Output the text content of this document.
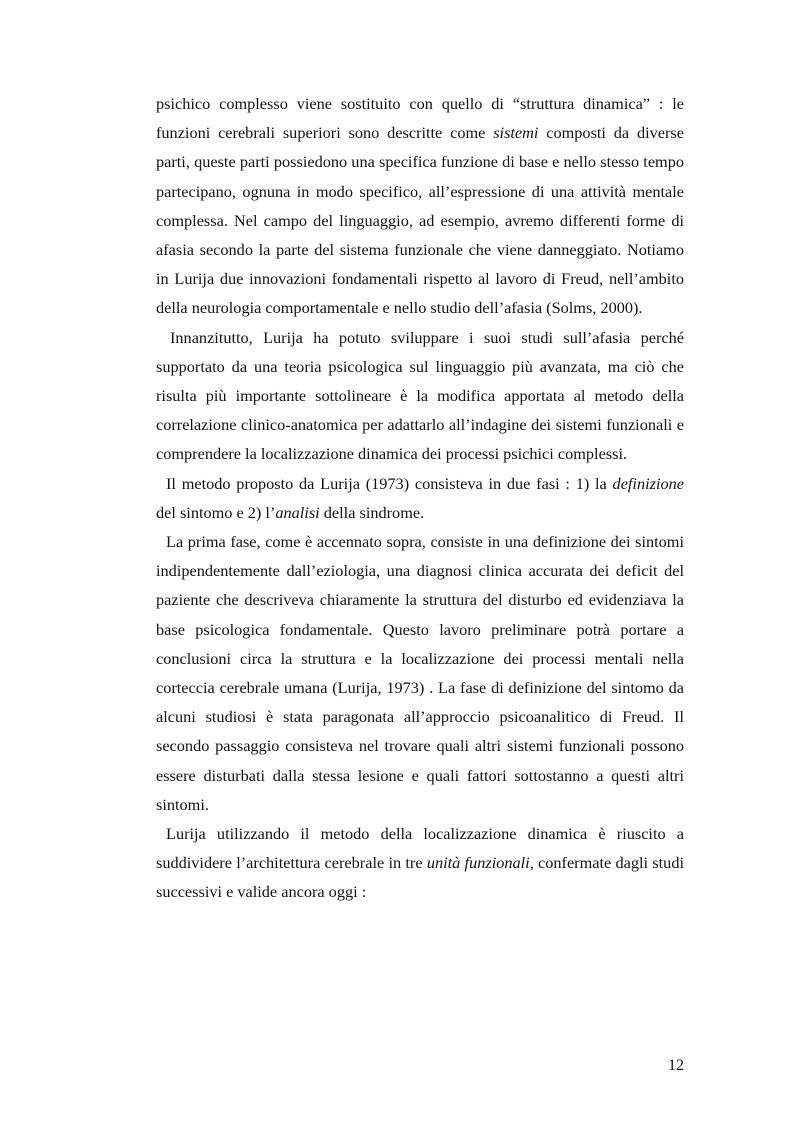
psichico complesso viene sostituito con quello di “struttura dinamica” : le funzioni cerebrali superiori sono descritte come sistemi composti da diverse parti, queste parti possiedono una specifica funzione di base e nello stesso tempo partecipano, ognuna in modo specifico, all’espressione di una attività mentale complessa. Nel campo del linguaggio, ad esempio, avremo differenti forme di afasia secondo la parte del sistema funzionale che viene danneggiato. Notiamo in Lurija due innovazioni fondamentali rispetto al lavoro di Freud, nell’ambito della neurologia comportamentale e nello studio dell’afasia (Solms, 2000).

Innanzitutto, Lurija ha potuto sviluppare i suoi studi sull’afasia perché supportato da una teoria psicologica sul linguaggio più avanzata, ma ciò che risulta più importante sottolineare è la modifica apportata al metodo della correlazione clinico-anatomica per adattarlo all’indagine dei sistemi funzionali e comprendere la localizzazione dinamica dei processi psichici complessi.

Il metodo proposto da Lurija (1973) consisteva in due fasi : 1) la definizione del sintomo e 2) l’analisi della sindrome.

La prima fase, come è accennato sopra, consiste in una definizione dei sintomi indipendentemente dall’eziologia, una diagnosi clinica accurata dei deficit del paziente che descriveva chiaramente la struttura del disturbo ed evidenziava la base psicologica fondamentale. Questo lavoro preliminare potrà portare a conclusioni circa la struttura e la localizzazione dei processi mentali nella corteccia cerebrale umana (Lurija, 1973) . La fase di definizione del sintomo da alcuni studiosi è stata paragonata all’approccio psicoanalitico di Freud. Il secondo passaggio consisteva nel trovare quali altri sistemi funzionali possono essere disturbati dalla stessa lesione e quali fattori sottostanno a questi altri sintomi.

Lurija utilizzando il metodo della localizzazione dinamica è riuscito a suddividere l’architettura cerebrale in tre unità funzionali, confermate dagli studi successivi e valide ancora oggi :

12
